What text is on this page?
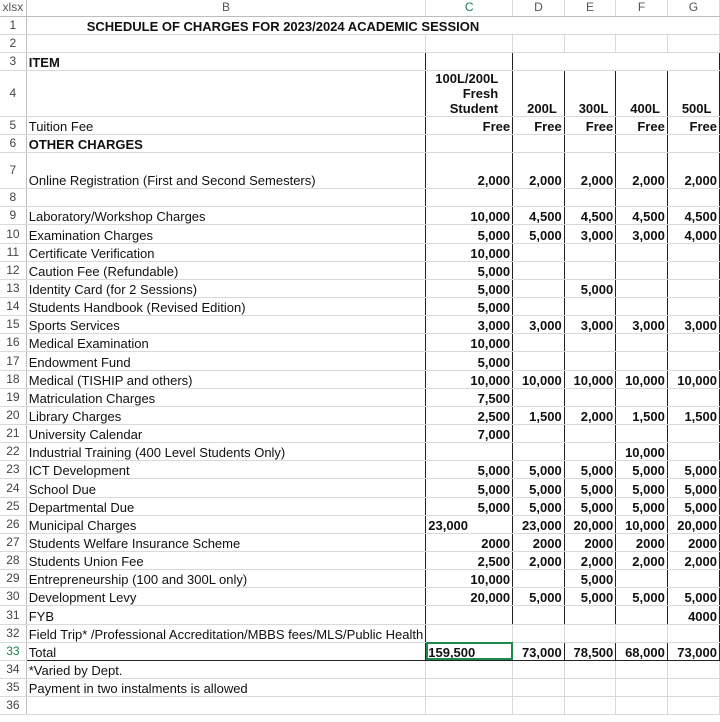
xlsx	B	C	D	E	F	G
1	SCHEDULE OF CHARGES FOR 2023/2024 ACADEMIC SESSION					
2						
3	ITEM					
4		100L/200L
Fresh Student	200L	300L	400L	500L
5	Tuition Fee	Free	Free	Free	Free	Free
6	OTHER CHARGES					
7	Online Registration (First and Second Semesters)	2,000	2,000	2,000	2,000	2,000
8						
9	Laboratory/Workshop Charges	10,000	4,500	4,500	4,500	4,500
10	Examination Charges	5,000	5,000	3,000	3,000	4,000
11	Certificate Verification	10,000				
12	Caution Fee (Refundable)	5,000				
13	Identity Card (for 2 Sessions)	5,000		5,000		
14	Students Handbook (Revised Edition)	5,000				
15	Sports Services	3,000	3,000	3,000	3,000	3,000
16	Medical Examination	10,000				
17	Endowment Fund	5,000				
18	Medical (TISHIP and others)	10,000	10,000	10,000	10,000	10,000
19	Matriculation Charges	7,500				
20	Library Charges	2,500	1,500	2,000	1,500	1,500
21	University Calendar	7,000				
22	Industrial Training (400 Level Students Only)				10,000	
23	ICT Development	5,000	5,000	5,000	5,000	5,000
24	School Due	5,000	5,000	5,000	5,000	5,000
25	Departmental Due	5,000	5,000	5,000	5,000	5,000
26	Municipal Charges	23,000	23,000	20,000	10,000	20,000
27	Students Welfare Insurance Scheme	2000	2000	2000	2000	2000
28	Students Union Fee	2,500	2,000	2,000	2,000	2,000
29	Entrepreneurship (100 and 300L only)	10,000		5,000		
30	Development Levy	20,000	5,000	5,000	5,000	5,000
31	FYB					4000
32	Field Trip* /Professional Accreditation/MBBS fees/MLS/Public Health					
33	Total	159,500	73,000	78,500	68,000	73,000
34	*Varied by Dept.					
35	Payment in two instalments is allowed					
36						
